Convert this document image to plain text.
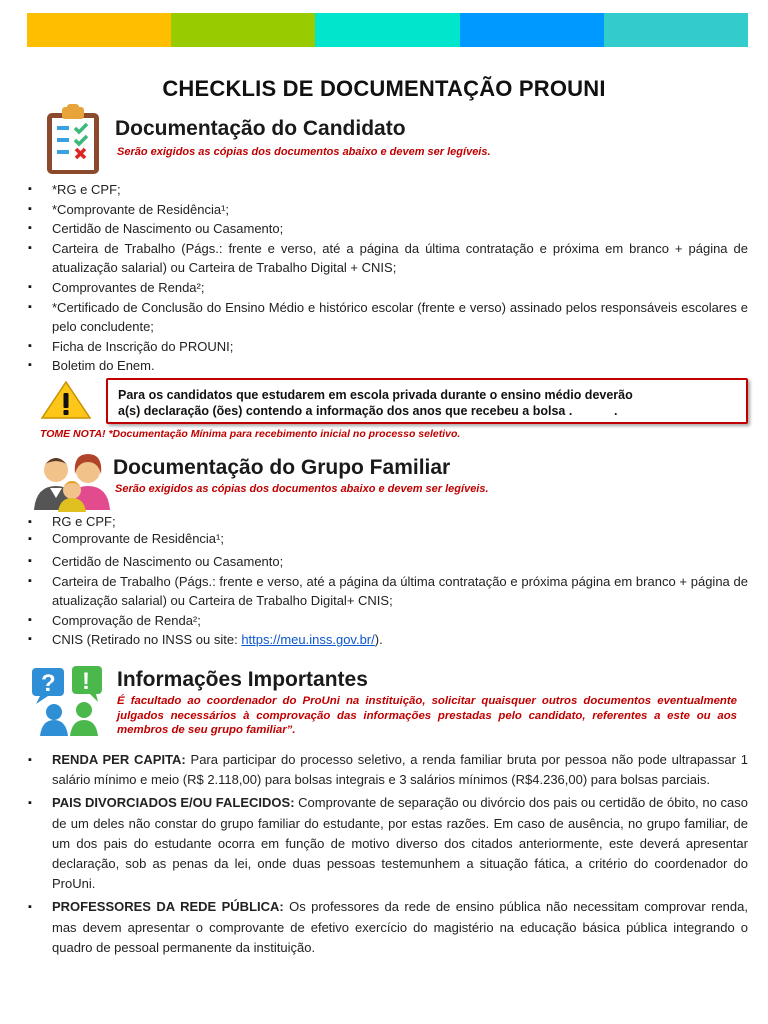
CHECKLIS DE DOCUMENTAÇÃO PROUNI
Documentação do Candidato
Serão exigidos as cópias dos documentos abaixo e devem ser legíveis.
▪ *RG e CPF;
▪ *Comprovante de Residência¹;
▪ Certidão de Nascimento ou Casamento;
▪ Carteira de Trabalho (Págs.: frente e verso, até a página da última contratação e próxima em branco + página de atualização salarial) ou Carteira de Trabalho Digital + CNIS;
▪ Comprovantes de Renda²;
▪ *Certificado de Conclusão do Ensino Médio e histórico escolar (frente e verso) assinado pelos responsáveis escolares e pelo concludente;
▪ Ficha de Inscrição do PROUNI;
▪ Boletim do Enem.
Para os candidatos que estudarem em escola privada durante o ensino médio deverão
a(s) declaração (ões) contendo a informação dos anos que recebeu a bolsa .            .
TOME NOTA! *Documentação Mínima para recebimento inicial no processo seletivo.
Documentação do Grupo Familiar
Serão exigidos as cópias dos documentos abaixo e devem ser legíveis.
▪ RG e CPF;
▪ Comprovante de Residência¹;
▪ Certidão de Nascimento ou Casamento;
▪ Carteira de Trabalho (Págs.: frente e verso, até a página da última contratação e próxima página em branco + página de atualização salarial) ou Carteira de Trabalho Digital+ CNIS;
▪ Comprovação de Renda²;
▪ CNIS (Retirado no INSS ou site: https://meu.inss.gov.br/).
? ! Informações Importantes
É facultado ao coordenador do ProUni na instituição, solicitar quaisquer outros documentos eventualmente julgados necessários à comprovação das informações prestadas pelo candidato, referentes a este ou aos membros de seu grupo familiar”.
▪ RENDA PER CAPITA: Para participar do processo seletivo, a renda familiar bruta por pessoa não pode ultrapassar 1 salário mínimo e meio (R$ 2.118,00) para bolsas integrais e 3 salários mínimos (R$4.236,00) para bolsas parciais.
▪ PAIS DIVORCIADOS E/OU FALECIDOS: Comprovante de separação ou divórcio dos pais ou certidão de óbito, no caso de um deles não constar do grupo familiar do estudante, por estas razões. Em caso de ausência, no grupo familiar, de um dos pais do estudante ocorra em função de motivo diverso dos citados anteriormente, este deverá apresentar declaração, sob as penas da lei, onde duas pessoas testemunhem a situação fática, a critério do coordenador do ProUni.
▪ PROFESSORES DA REDE PÚBLICA: Os professores da rede de ensino pública não necessitam comprovar renda, mas devem apresentar o comprovante de efetivo exercício do magistério na educação básica pública integrando o quadro de pessoal permanente da instituição.
